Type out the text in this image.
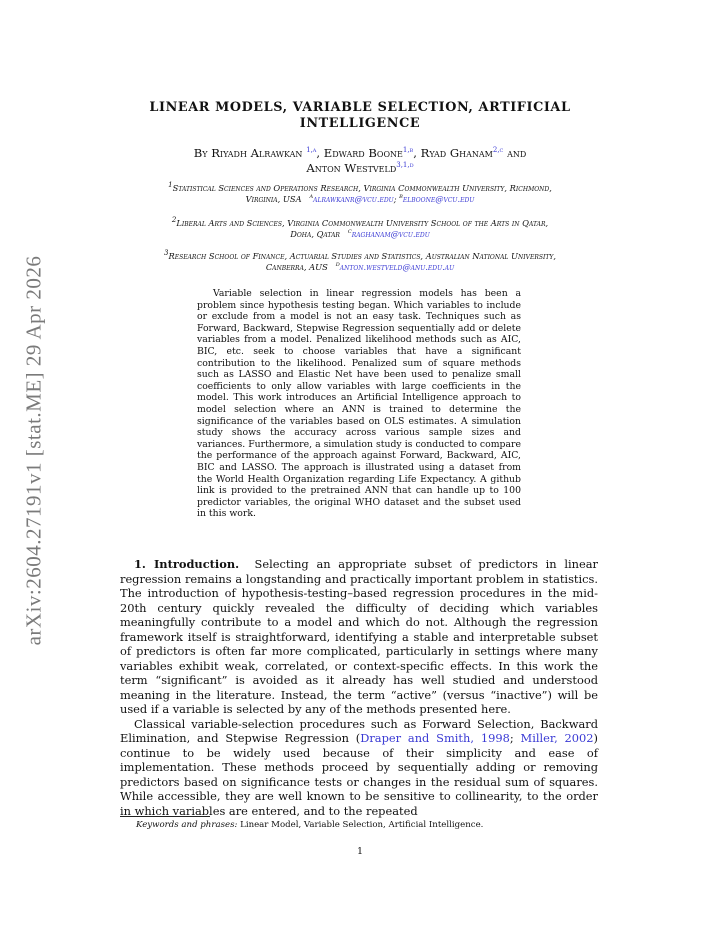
arXiv:2604.27191v1 [stat.ME] 29 Apr 2026
LINEAR MODELS, VARIABLE SELECTION, ARTIFICIAL
INTELLIGENCE
By Riyadh Alrawkan $^{1,a}$, Edward Boone$^{1,b}$, Ryad Ghanam$^{2,c}$ and
Anton Westveld$^{3,1,d}$
$^1$Statistical Sciences and Operations Research, Virginia Commonwealth University, Richmond,
Virginia, USA $^a$alrawkanr@vcu.edu; $^b$elboone@vcu.edu
$^2$Liberal Arts and Sciences, Virginia Commonwealth University School of the Arts in Qatar,
Doha, Qatar $^c$raghanam@vcu.edu
$^3$Research School of Finance, Actuarial Studies and Statistics, Australian National University,
Canberra, AUS $^d$anton.westveld@anu.edu.au
Variable selection in linear regression models has been a problem since hypothesis testing began. Which variables to include or exclude from a model is not an easy task. Techniques such as Forward, Backward, Stepwise Regression sequentially add or delete variables from a model. Penalized likelihood methods such as AIC, BIC, etc. seek to choose variables that have a significant contribution to the likelihood. Penalized sum of square methods such as LASSO and Elastic Net have been used to penalize small coefficients to only allow variables with large coefficients in the model. This work introduces an Artificial Intelligence approach to model selection where an ANN is trained to determine the significance of the variables based on OLS estimates. A simulation study shows the accuracy across various sample sizes and variances. Furthermore, a simulation study is conducted to compare the performance of the approach against Forward, Backward, AIC, BIC and LASSO. The approach is illustrated using a dataset from the World Health Organization regarding Life Expectancy. A github link is provided to the pretrained ANN that can handle up to 100 predictor variables, the original WHO dataset and the subset used in this work.

1. Introduction. Selecting an appropriate subset of predictors in linear regression remains a longstanding and practically important problem in statistics. The introduction of hypothesis-testing–based regression procedures in the mid-20th century quickly revealed the difficulty of deciding which variables meaningfully contribute to a model and which do not. Although the regression framework itself is straightforward, identifying a stable and interpretable subset of predictors is often far more complicated, particularly in settings where many variables exhibit weak, correlated, or context-specific effects. In this work the term “significant” is avoided as it already has well studied and understood meaning in the literature. Instead, the term “active” (versus “inactive”) will be used if a variable is selected by any of the methods presented here.

Classical variable-selection procedures such as Forward Selection, Backward Elimination, and Stepwise Regression (Draper and Smith, 1998; Miller, 2002) continue to be widely used because of their simplicity and ease of implementation. These methods proceed by sequentially adding or removing predictors based on significance tests or changes in the residual sum of squares. While accessible, they are well known to be sensitive to collinearity, to the order in which variables are entered, and to the repeated

Keywords and phrases: Linear Model, Variable Selection, Artificial Intelligence.
1
